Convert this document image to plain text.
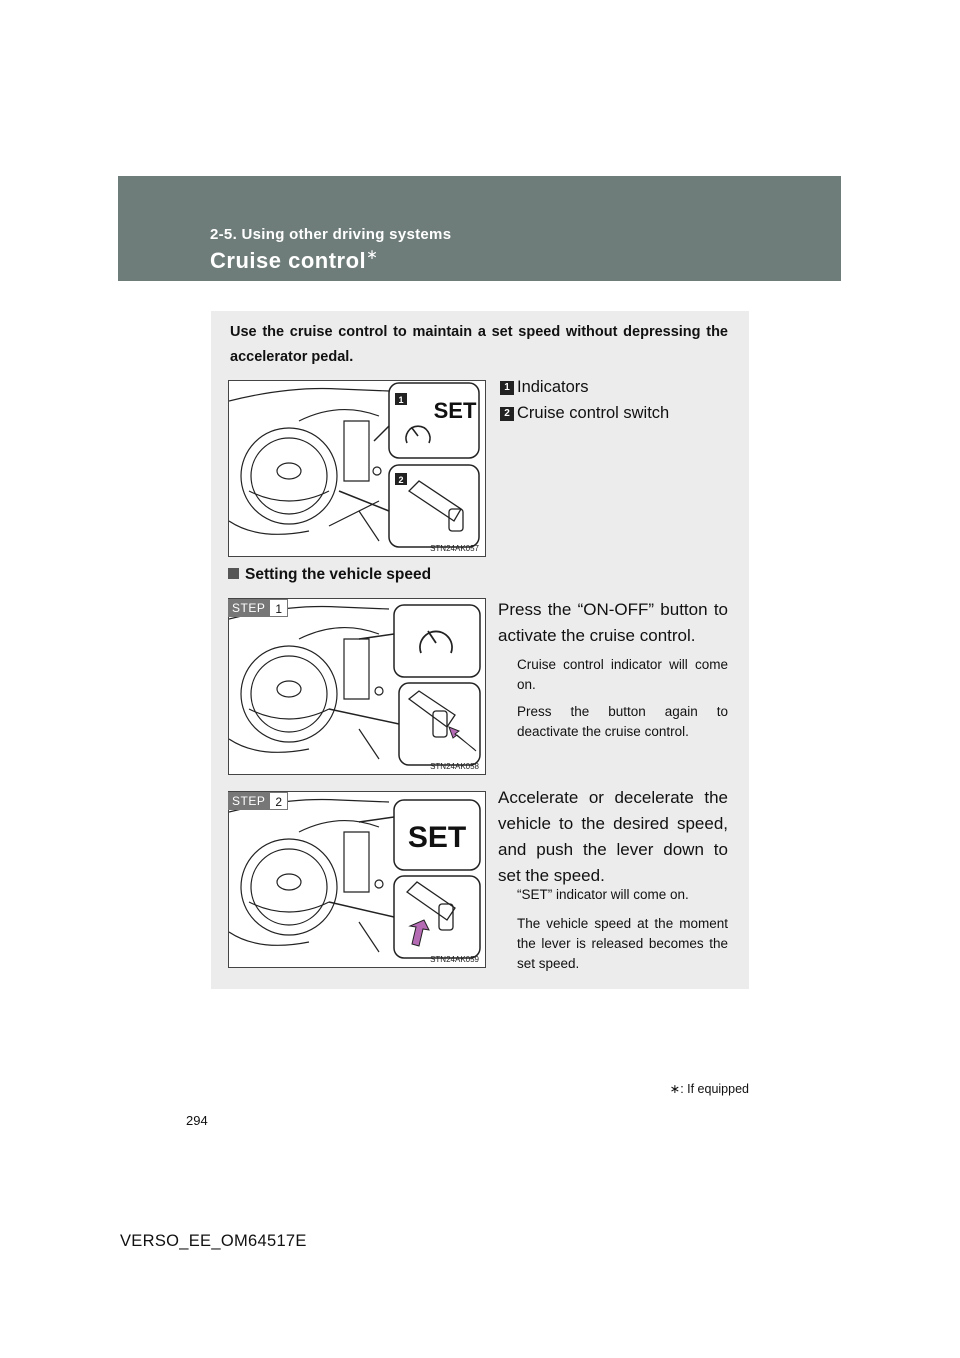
2-5. Using other driving systems
Cruise control∗
Use the cruise control to maintain a set speed without depressing the accelerator pedal.
1
2
SET
STN24AK057
1 Indicators
2 Cruise control switch
Setting the vehicle speed
STN24AK058
STEP 1	Press the “ON-OFF” button to activate the cruise control.
Cruise control indicator will come on.
Press the button again to deactivate the cruise control.
SET
STN24AK059
STEP 2	Accelerate or decelerate the vehicle to the desired speed, and push the lever down to set the speed.
“SET” indicator will come on.
The vehicle speed at the moment the lever is released becomes the set speed.
∗: If equipped
294
VERSO_EE_OM64517E
